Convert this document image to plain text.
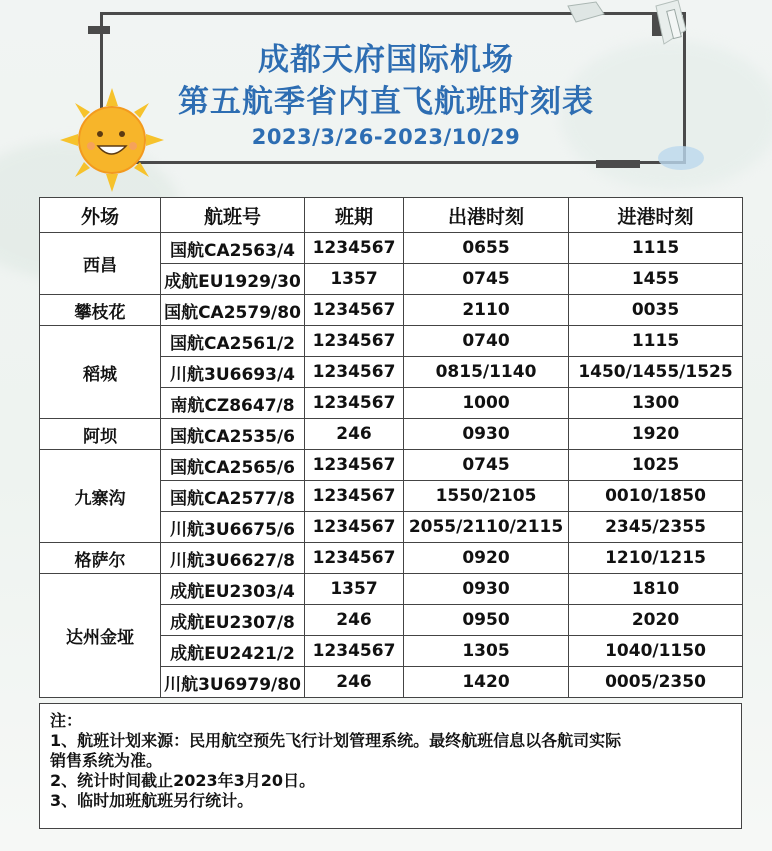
成都天府国际机场
第五航季省内直飞航班时刻表
2023/3/26-2023/10/29
外场	航班号	班期	出港时刻	进港时刻
西昌	国航CA2563/4	1234567	0655	1115
	成航EU1929/30	1357	0745	1455
攀枝花	国航CA2579/80	1234567	2110	0035
稻城	国航CA2561/2	1234567	0740	1115
	川航3U6693/4	1234567	0815/1140	1450/1455/1525
	南航CZ8647/8	1234567	1000	1300
阿坝	国航CA2535/6	246	0930	1920
九寨沟	国航CA2565/6	1234567	0745	1025
	国航CA2577/8	1234567	1550/2105	0010/1850
	川航3U6675/6	1234567	2055/2110/2115	2345/2355
格萨尔	川航3U6627/8	1234567	0920	1210/1215
达州金垭	成航EU2303/4	1357	0930	1810
	成航EU2307/8	246	0950	2020
	成航EU2421/2	1234567	1305	1040/1150
	川航3U6979/80	246	1420	0005/2350
注：
1、航班计划来源：民用航空预先飞行计划管理系统。最终航班信息以各航司实际
销售系统为准。
2、统计时间截止2023年3月20日。
3、临时加班航班另行统计。
